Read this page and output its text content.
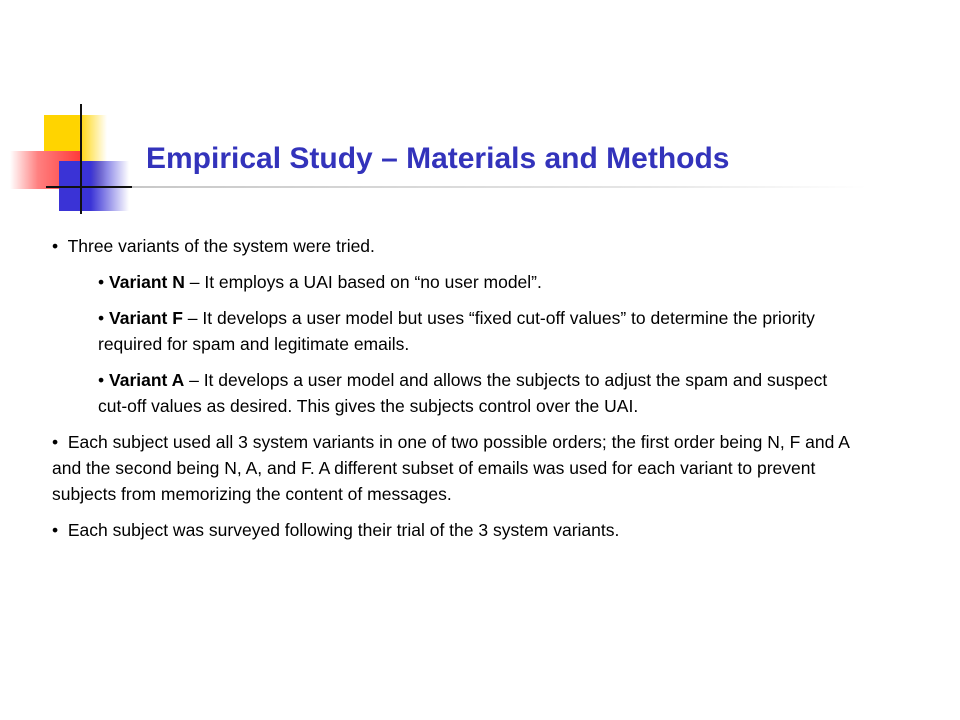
Empirical Study – Materials and Methods

• Three variants of the system were tried.

• Variant N – It employs a UAI based on “no user model”.

• Variant F – It develops a user model but uses “fixed cut-off values” to determine the priority required for spam and legitimate emails.

• Variant A – It develops a user model and allows the subjects to adjust the spam and suspect cut-off values as desired. This gives the subjects control over the UAI.

• Each subject used all 3 system variants in one of two possible orders; the first order being N, F and A and the second being N, A, and F. A different subset of emails was used for each variant to prevent subjects from memorizing the content of messages.

• Each subject was surveyed following their trial of the 3 system variants.
